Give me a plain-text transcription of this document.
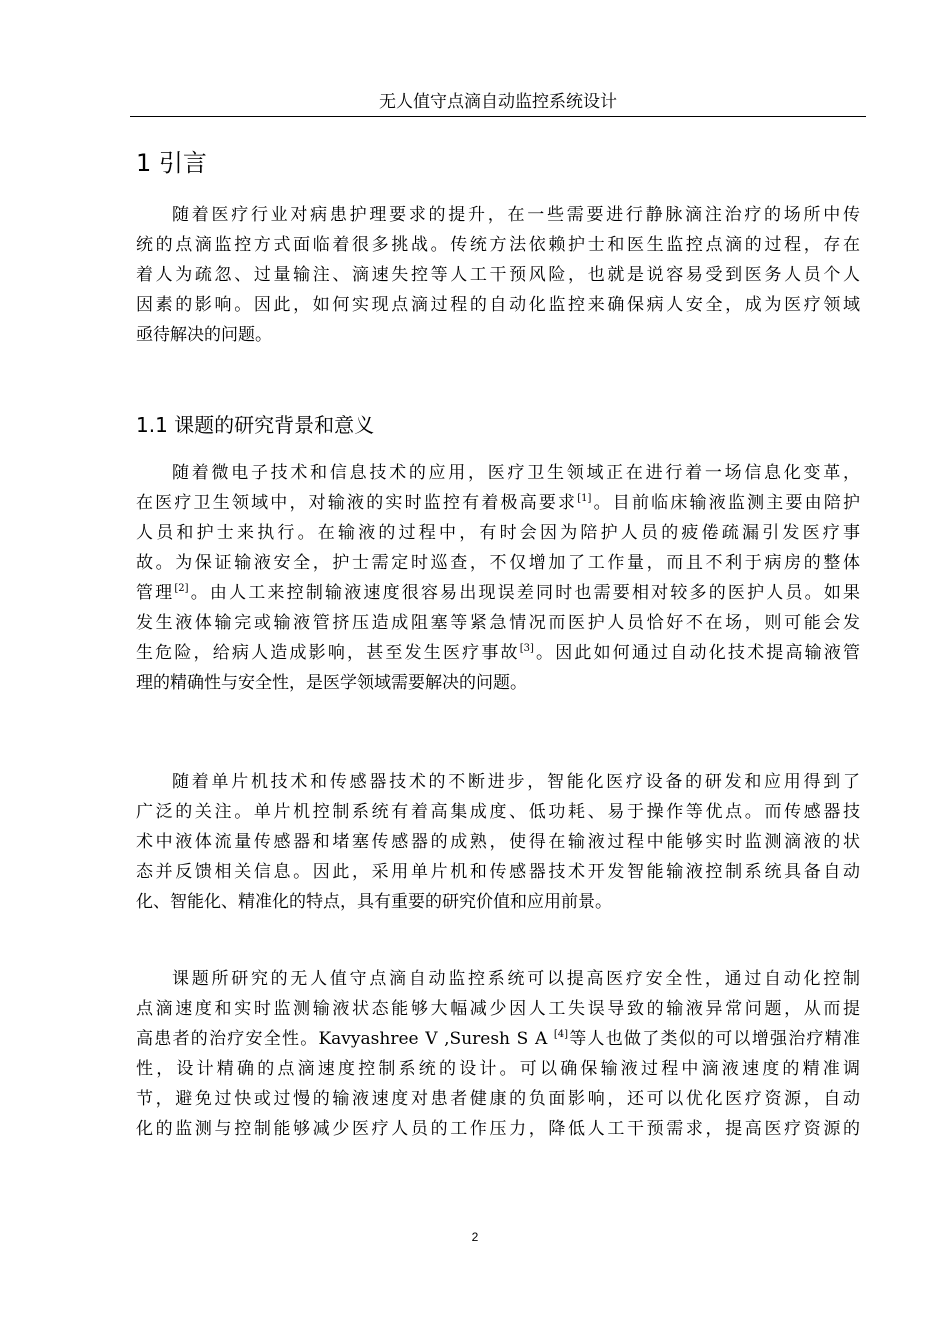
无人值守点滴自动监控系统设计
1 引言
随着医疗行业对病患护理要求的提升，在一些需要进行静脉滴注治疗的场所中传
统的点滴监控方式面临着很多挑战。传统方法依赖护士和医生监控点滴的过程，存在
着人为疏忽、过量输注、滴速失控等人工干预风险，也就是说容易受到医务人员个人
因素的影响。因此，如何实现点滴过程的自动化监控来确保病人安全，成为医疗领域
亟待解决的问题。
1.1 课题的研究背景和意义
随着微电子技术和信息技术的应用，医疗卫生领域正在进行着一场信息化变革，
在医疗卫生领域中，对输液的实时监控有着极高要求[1]。目前临床输液监测主要由陪护
人员和护士来执行。在输液的过程中，有时会因为陪护人员的疲倦疏漏引发医疗事
故。为保证输液安全，护士需定时巡查，不仅增加了工作量，而且不利于病房的整体
管理[2]。由人工来控制输液速度很容易出现误差同时也需要相对较多的医护人员。如果
发生液体输完或输液管挤压造成阻塞等紧急情况而医护人员恰好不在场，则可能会发
生危险，给病人造成影响，甚至发生医疗事故[3]。因此如何通过自动化技术提高输液管
理的精确性与安全性，是医学领域需要解决的问题。
随着单片机技术和传感器技术的不断进步，智能化医疗设备的研发和应用得到了
广泛的关注。单片机控制系统有着高集成度、低功耗、易于操作等优点。而传感器技
术中液体流量传感器和堵塞传感器的成熟，使得在输液过程中能够实时监测滴液的状
态并反馈相关信息。因此，采用单片机和传感器技术开发智能输液控制系统具备自动
化、智能化、精准化的特点，具有重要的研究价值和应用前景。
课题所研究的无人值守点滴自动监控系统可以提高医疗安全性，通过自动化控制
点滴速度和实时监测输液状态能够大幅减少因人工失误导致的输液异常问题，从而提
高患者的治疗安全性。Kavyashree V ,Suresh S A [4]等人也做了类似的可以增强治疗精准
性，设计精确的点滴速度控制系统的设计。可以确保输液过程中滴液速度的精准调
节，避免过快或过慢的输液速度对患者健康的负面影响，还可以优化医疗资源，自动
化的监测与控制能够减少医疗人员的工作压力，降低人工干预需求，提高医疗资源的
2
